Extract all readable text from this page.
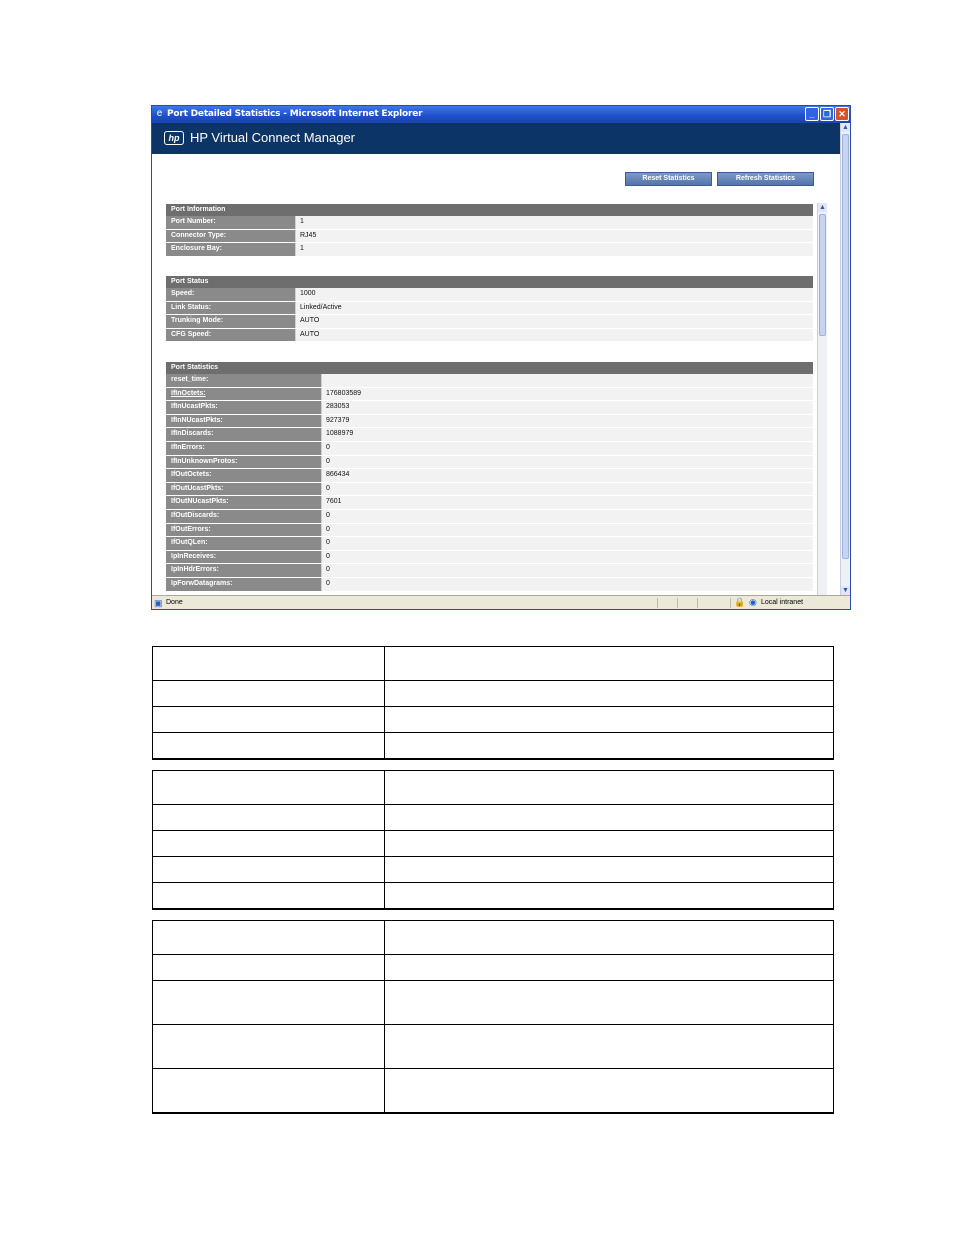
e Port Detailed Statistics - Microsoft Internet Explorer	_ ❐ ✕
hp HP Virtual Connect Manager
Reset Statistics	Refresh Statistics
Port Information
Port Number:	1
Connector Type:	RJ45
Enclosure Bay:	1
Port Status
Speed:	1000
Link Status:	Linked/Active
Trunking Mode:	AUTO
CFG Speed:	AUTO
Port Statistics
reset_time:
IfInOctets:	176803589
IfInUcastPkts:	283053
IfInNUcastPkts:	927379
IfInDiscards:	1088979
IfInErrors:	0
IfInUnknownProtos:	0
IfOutOctets:	866434
IfOutUcastPkts:	0
IfOutNUcastPkts:	7601
IfOutDiscards:	0
IfOutErrors:	0
IfOutQLen:	0
IpInReceives:	0
IpInHdrErrors:	0
IpForwDatagrams:	0
▲
▲
▼
▣ Done	🔒 ◉ Local intranet
